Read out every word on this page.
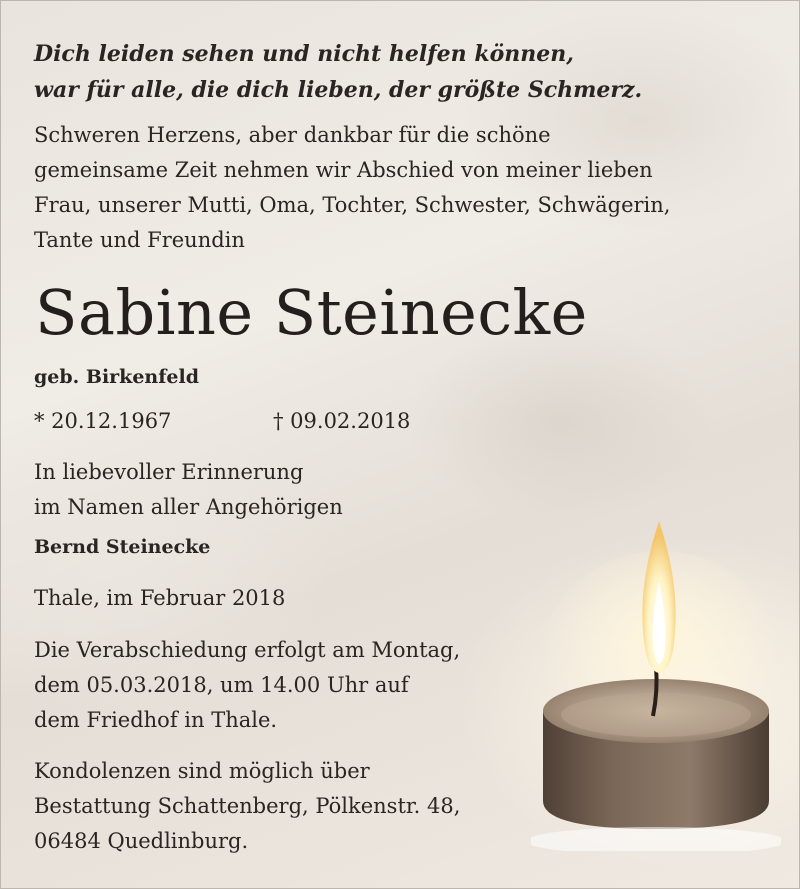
Dich leiden sehen und nicht helfen können,

war für alle, die dich lieben, der größte Schmerz.

Schweren Herzens, aber dankbar für die schöne

gemeinsame Zeit nehmen wir Abschied von meiner lieben

Frau, unserer Mutti, Oma, Tochter, Schwester, Schwägerin,

Tante und Freundin

Sabine Steinecke

geb. Birkenfeld

* 20.12.1967	† 09.02.2018

In liebevoller Erinnerung

im Namen aller Angehörigen

Bernd Steinecke

Thale, im Februar 2018

Die Verabschiedung erfolgt am Montag,

dem 05.03.2018, um 14.00 Uhr auf

dem Friedhof in Thale.

Kondolenzen sind möglich über

Bestattung Schattenberg, Pölkenstr. 48,

06484 Quedlinburg.
